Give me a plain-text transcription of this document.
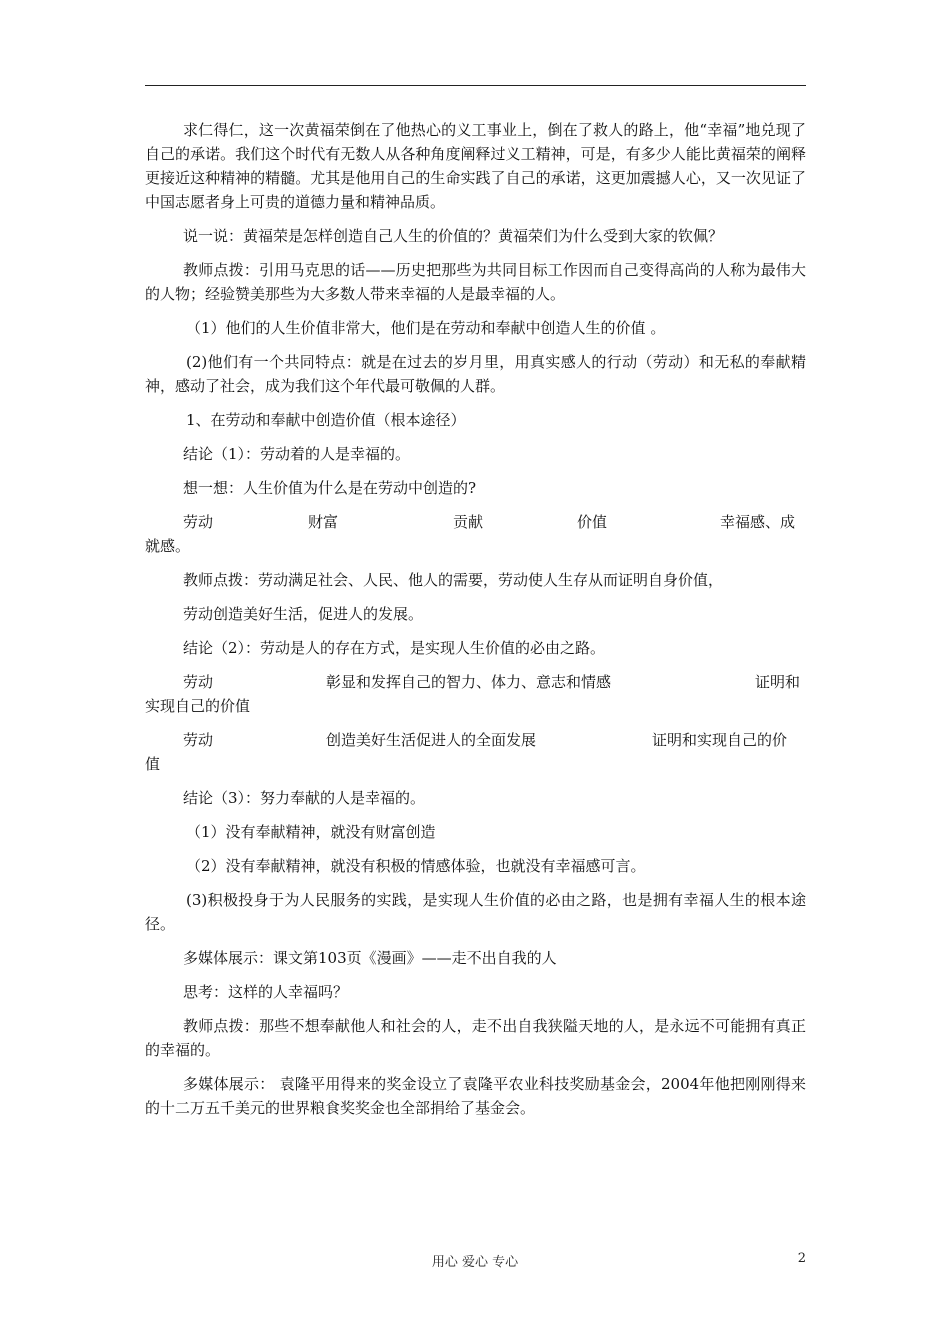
求仁得仁，这一次黄福荣倒在了他热心的义工事业上，倒在了救人的路上，他“幸福”地兑现了自己的承诺。我们这个时代有无数人从各种角度阐释过义工精神，可是，有多少人能比黄福荣的阐释更接近这种精神的精髓。尤其是他用自己的生命实践了自己的承诺，这更加震撼人心，又一次见证了中国志愿者身上可贵的道德力量和精神品质。

说一说：黄福荣是怎样创造自己人生的价值的？黄福荣们为什么受到大家的钦佩？

教师点拨：引用马克思的话——历史把那些为共同目标工作因而自己变得高尚的人称为最伟大的人物；经验赞美那些为大多数人带来幸福的人是最幸福的人。

（1）他们的人生价值非常大，他们是在劳动和奉献中创造人生的价值 。

(2)他们有一个共同特点：就是在过去的岁月里，用真实感人的行动（劳动）和无私的奉献精神，感动了社会，成为我们这个年代最可敬佩的人群。

1、在劳动和奉献中创造价值（根本途径）

结论（1）：劳动着的人是幸福的。

想一想：人生价值为什么是在劳动中创造的?

劳动	财富	贡献	价值	幸福感、成

就感。

教师点拨：劳动满足社会、人民、他人的需要，劳动使人生存从而证明自身价值，

劳动创造美好生活，促进人的发展。

结论（2）：劳动是人的存在方式，是实现人生价值的必由之路。

劳动	彰显和发挥自己的智力、体力、意志和情感	证明和

实现自己的价值

劳动	创造美好生活促进人的全面发展	证明和实现自己的价

值

结论（3）：努力奉献的人是幸福的。

（1）没有奉献精神，就没有财富创造

（2）没有奉献精神，就没有积极的情感体验，也就没有幸福感可言。

(3)积极投身于为人民服务的实践，是实现人生价值的必由之路，也是拥有幸福人生的根本途径。

多媒体展示：课文第103页《漫画》——走不出自我的人

思考：这样的人幸福吗？

教师点拨：那些不想奉献他人和社会的人，走不出自我狭隘天地的人，是永远不可能拥有真正的幸福的。

多媒体展示： 袁隆平用得来的奖金设立了袁隆平农业科技奖励基金会，2004年他把刚刚得来的十二万五千美元的世界粮食奖奖金也全部捐给了基金会。

用心 爱心 专心	2
